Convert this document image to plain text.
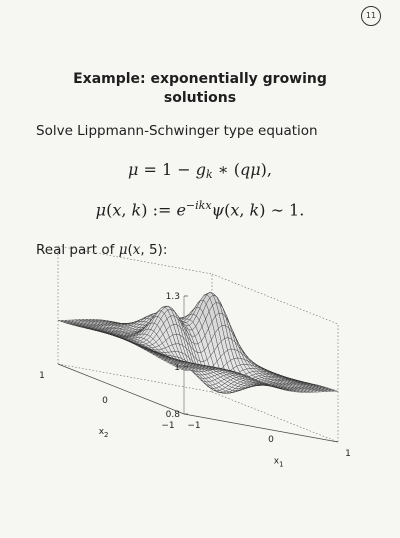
11
Example: exponentially growing solutions
Solve Lippmann-Schwinger type equation
$\mu = 1 - g_k$ ∗ (qμ),
μ(x, k) := $e^{-ikx}\psi(x$, k) ∼ 1.
Real part of μ(x, 5):
0.8
1
1.3
−1
0
1
−1
0
1
$x_2$
$x_1$
